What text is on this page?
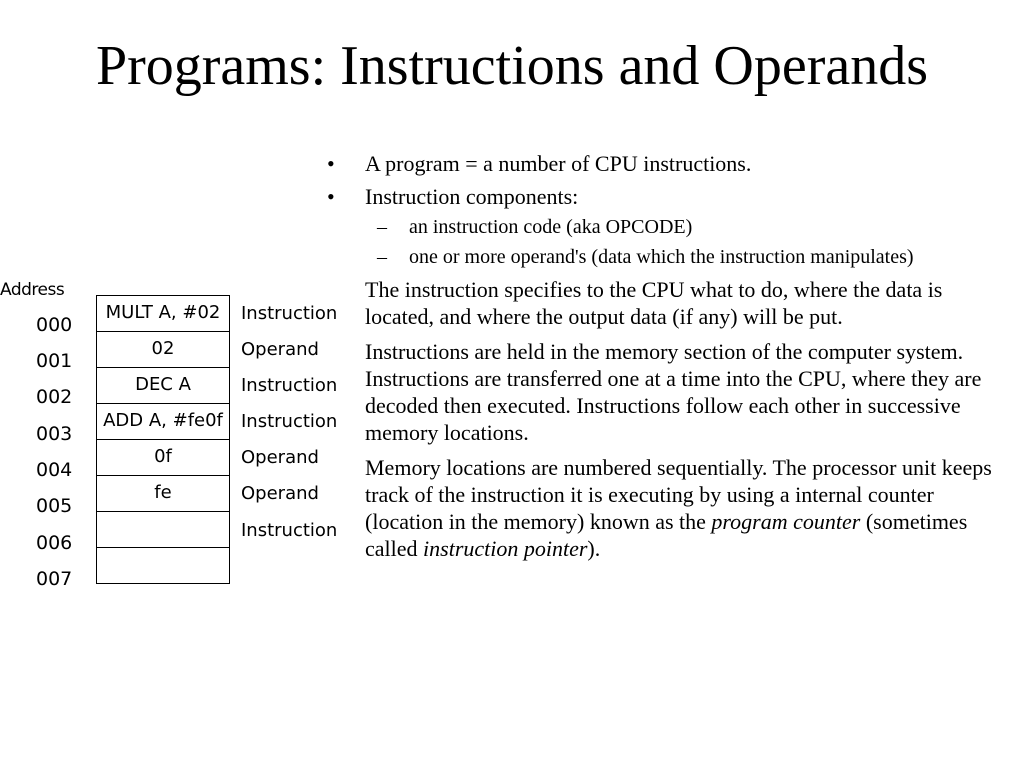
Programs: Instructions and Operands
Address
000
001
002
003
004
005
006
007
MULT A, #02
02
DEC A
ADD A, #fe0f
0f
fe
Instruction
Operand
Instruction
Instruction
Operand
Operand
Instruction
• A program = a number of CPU instructions.
• Instruction components:
– an instruction code (aka OPCODE)
– one or more operand's (data which the instruction manipulates)
The instruction specifies to the CPU what to do, where the data is located, and where the output data (if any) will be put.
Instructions are held in the memory section of the computer system. Instructions are transferred one at a time into the CPU, where they are decoded then executed. Instructions follow each other in successive memory locations.
Memory locations are numbered sequentially. The processor unit keeps track of the instruction it is executing by using a internal counter (location in the memory) known as the program counter (sometimes called instruction pointer).
